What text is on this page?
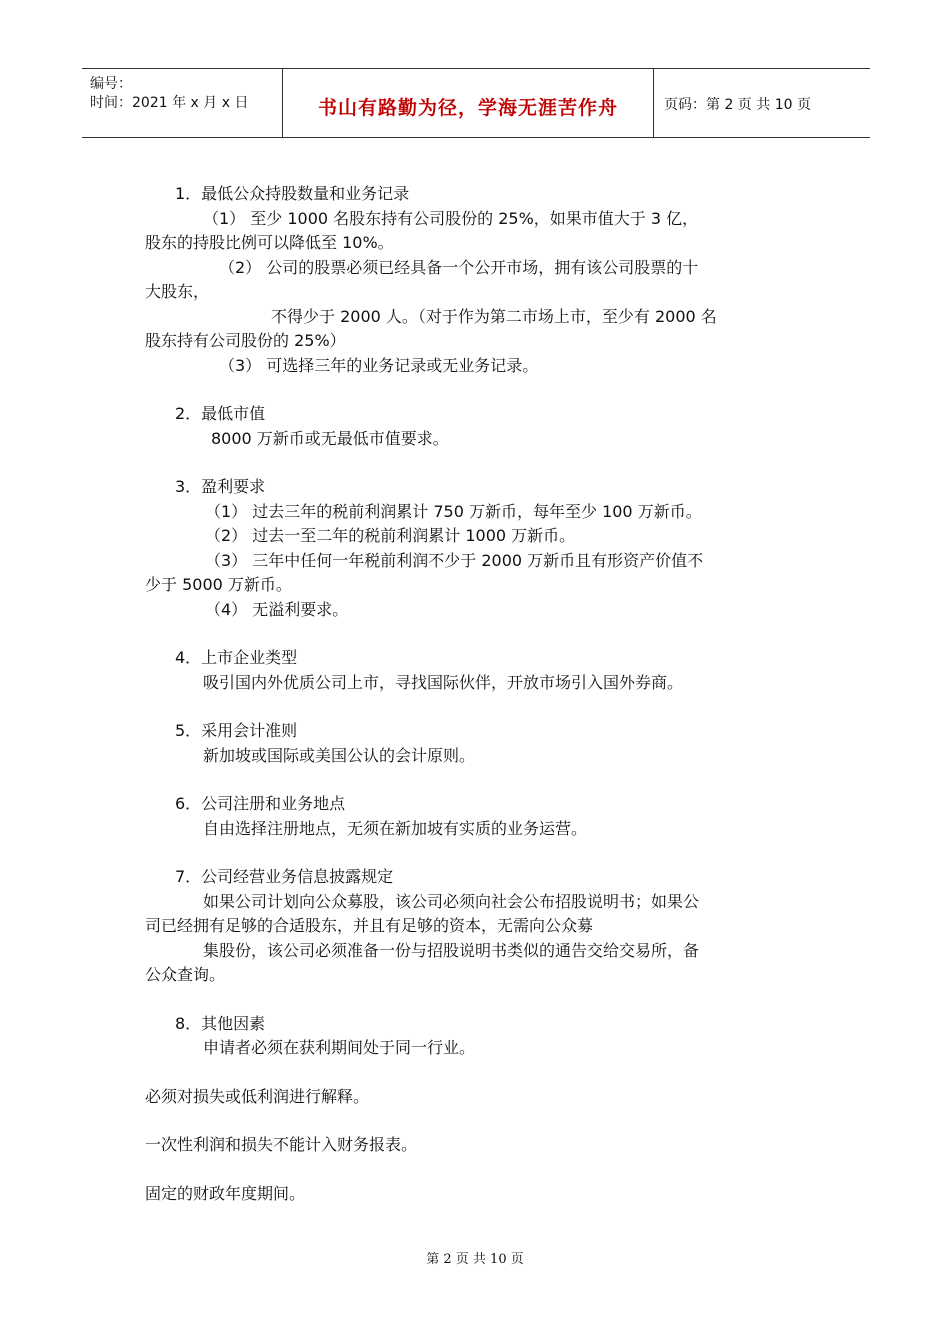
编号：
时间：2021 年 x 月 x 日	书山有路勤为径，学海无涯苦作舟	页码：第 2 页 共 10 页

1．最低公众持股数量和业务记录

（1） 至少 1000 名股东持有公司股份的 25%，如果市值大于 3 亿，

股东的持股比例可以降低至 10%。

（2） 公司的股票必须已经具备一个公开市场，拥有该公司股票的十

大股东，

不得少于 2000 人。（对于作为第二市场上市，至少有 2000 名

股东持有公司股份的 25%）

（3） 可选择三年的业务记录或无业务记录。

2．最低市值

8000 万新币或无最低市值要求。

3．盈利要求

（1） 过去三年的税前利润累计 750 万新币，每年至少 100 万新币。

（2） 过去一至二年的税前利润累计 1000 万新币。

（3） 三年中任何一年税前利润不少于 2000 万新币且有形资产价值不

少于 5000 万新币。

（4） 无溢利要求。

4．上市企业类型

吸引国内外优质公司上市，寻找国际伙伴，开放市场引入国外券商。

5．采用会计准则

新加坡或国际或美国公认的会计原则。

6．公司注册和业务地点

自由选择注册地点，无须在新加坡有实质的业务运营。

7．公司经营业务信息披露规定

如果公司计划向公众募股，该公司必须向社会公布招股说明书；如果公

司已经拥有足够的合适股东，并且有足够的资本，无需向公众募

集股份，该公司必须准备一份与招股说明书类似的通告交给交易所，备

公众查询。

8．其他因素

申请者必须在获利期间处于同一行业。

必须对损失或低利润进行解释。

一次性利润和损失不能计入财务报表。

固定的财政年度期间。

第 2 页 共 10 页
